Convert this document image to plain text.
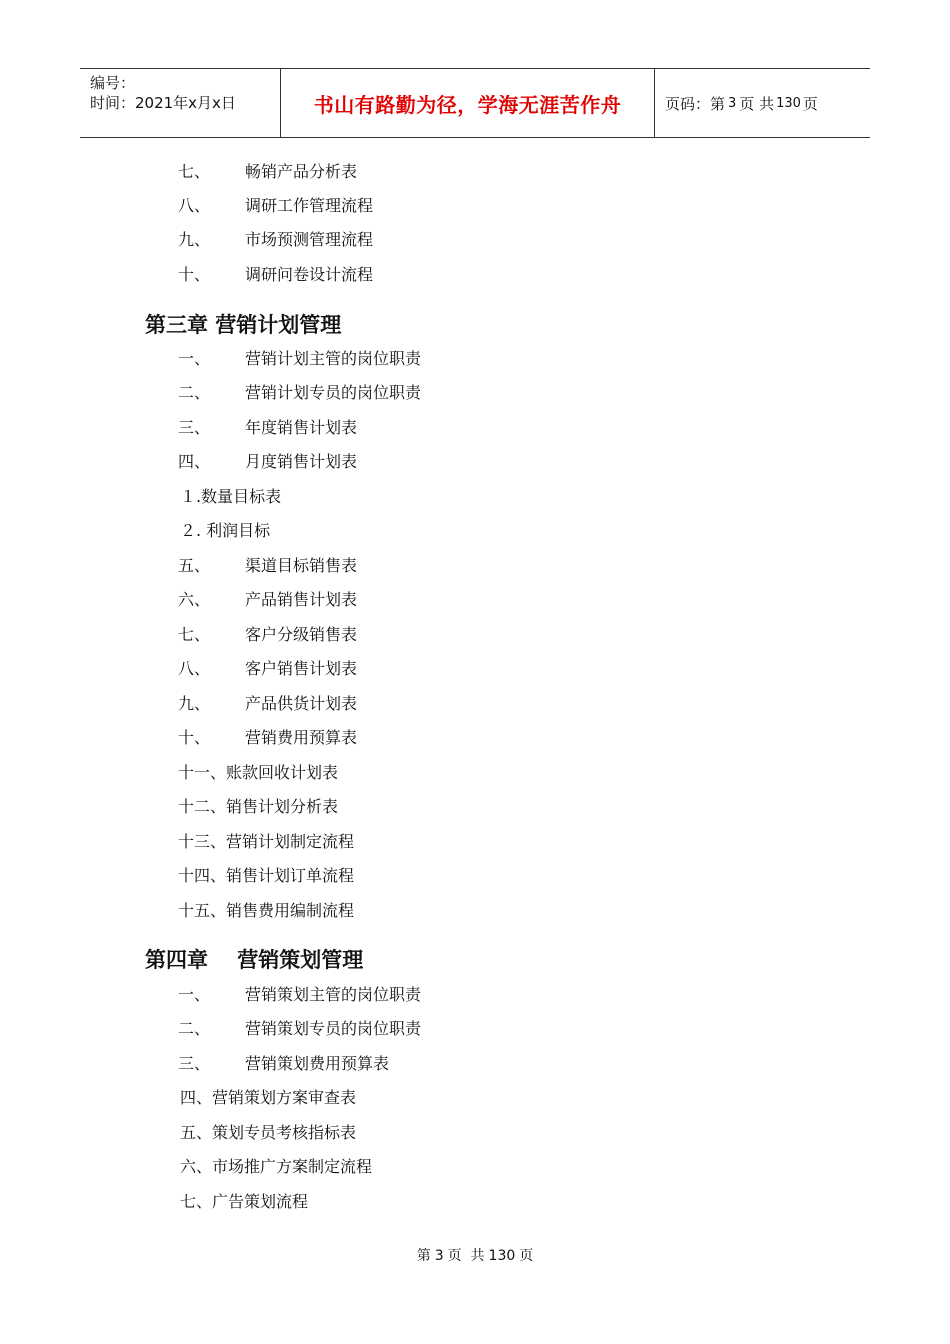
编号：
时间：2021年x月x日	书山有路勤为径，学海无涯苦作舟	页码：第 3 页 共 130 页
七、 畅销产品分析表
八、 调研工作管理流程
九、 市场预测管理流程
十、 调研问卷设计流程
第三章 营销计划管理
一、 营销计划主管的岗位职责
二、 营销计划专员的岗位职责
三、 年度销售计划表
四、 月度销售计划表
１.数量目标表
２. 利润目标
五、 渠道目标销售表
六、 产品销售计划表
七、 客户分级销售表
八、 客户销售计划表
九、 产品供货计划表
十、 营销费用预算表
十一、账款回收计划表
十二、销售计划分析表
十三、营销计划制定流程
十四、销售计划订单流程
十五、销售费用编制流程
第四章    营销策划管理
一、 营销策划主管的岗位职责
二、 营销策划专员的岗位职责
三、 营销策划费用预算表
四、营销策划方案审查表
五、策划专员考核指标表
六、市场推广方案制定流程
七、广告策划流程
第 3 页  共 130 页
